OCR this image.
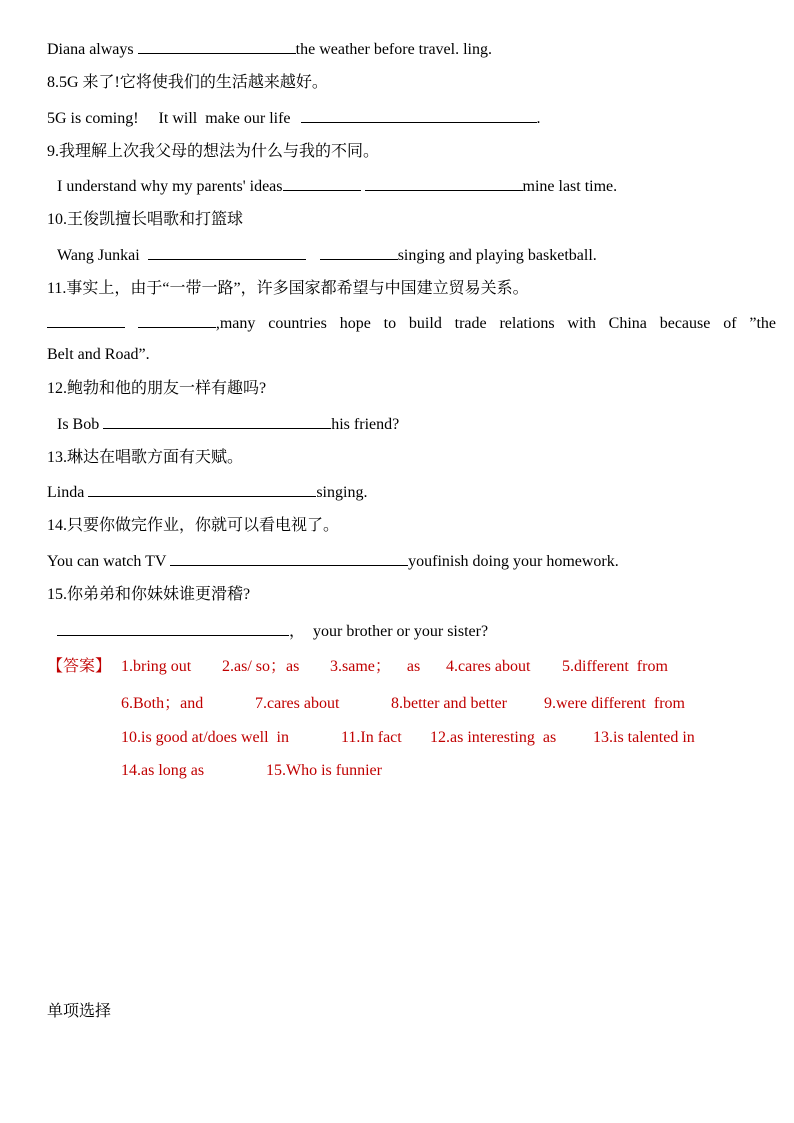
Diana always	the weather before travel. ling.
8.5G 来了!它将使我们的生活越来越好。
5G is coming!     It will  make our life	.
9.我理解上次我父母的想法为什么与我的不同。
I understand why my parents' ideas	mine last time.
10.王俊凯擅长唱歌和打篮球
Wang Junkai	singing and playing basketball.
11.事实上，由于“一带一路”，许多国家都希望与中国建立贸易关系。
,many countries hope to build trade relations with China because of ”the
Belt and Road”.
12.鲍勃和他的朋友一样有趣吗?
Is Bob	his friend?
13.琳达在唱歌方面有天赋。
Linda	singing.
14.只要你做完作业，你就可以看电视了。
You can watch TV	youfinish doing your homework.
15.你弟弟和你妹妹谁更滑稽?
，  your brother or your sister?
【答案】 1.bring out 2.as/ so；as 3.same；    as 4.cares about 5.different  from
6.Both；and	7.cares about	8.better and better 9.were different  from
10.is good at/does well  in	11.In fact 12.as interesting  as 13.is talented in
14.as long as	15.Who is funnier
单项选择
